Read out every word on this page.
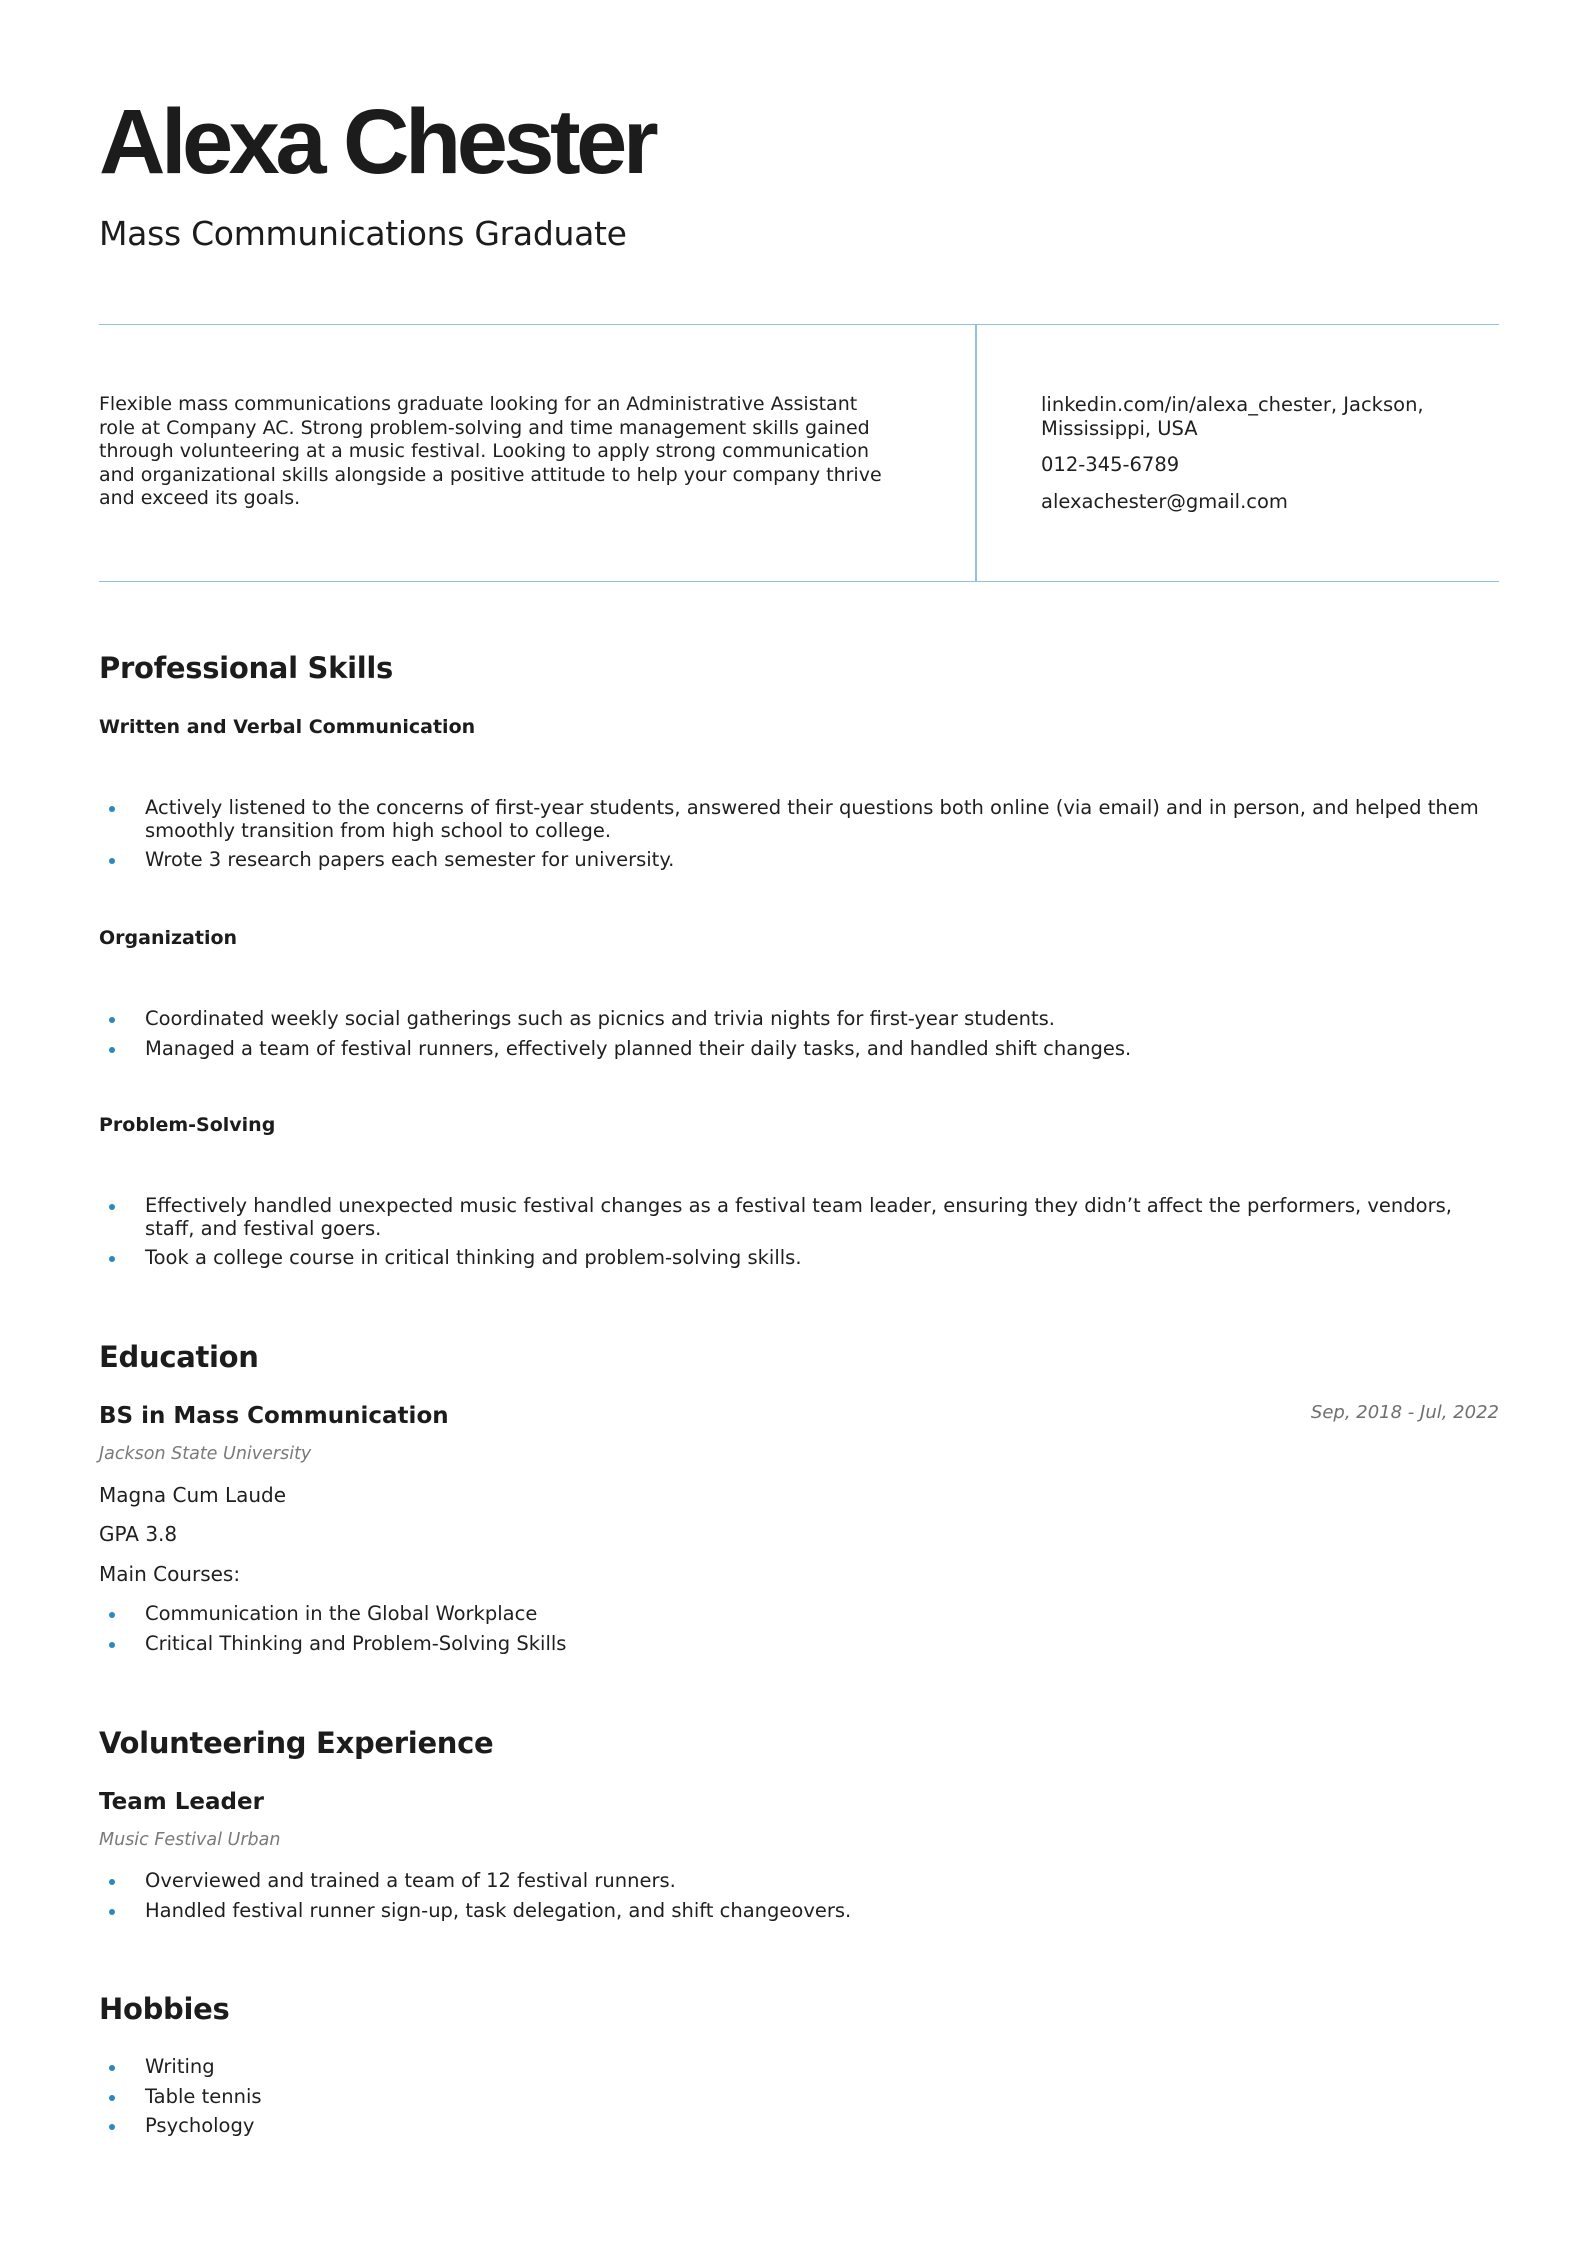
Alexa Chester
Mass Communications Graduate

Flexible mass communications graduate looking for an Administrative Assistant role at Company AC. Strong problem-solving and time management skills gained through volunteering at a music festival. Looking to apply strong communication and organizational skills alongside a positive attitude to help your company thrive and exceed its goals.

linkedin.com/in/alexa_chester, Jackson, Mississippi, USA
012-345-6789
alexachester@gmail.com
Professional Skills
Written and Verbal Communication
Actively listened to the concerns of first-year students, answered their questions both online (via email) and in person, and helped them smoothly transition from high school to college.
Wrote 3 research papers each semester for university.
Organization
Coordinated weekly social gatherings such as picnics and trivia nights for first-year students.
Managed a team of festival runners, effectively planned their daily tasks, and handled shift changes.
Problem-Solving
Effectively handled unexpected music festival changes as a festival team leader, ensuring they didn’t affect the performers, vendors, staff, and festival goers.
Took a college course in critical thinking and problem-solving skills.
Education
BS in Mass Communication	Sep, 2018 - Jul, 2022
Jackson State University
Magna Cum Laude
GPA 3.8
Main Courses:
Communication in the Global Workplace
Critical Thinking and Problem-Solving Skills
Volunteering Experience
Team Leader
Music Festival Urban
Overviewed and trained a team of 12 festival runners.
Handled festival runner sign-up, task delegation, and shift changeovers.
Hobbies
Writing
Table tennis
Psychology
